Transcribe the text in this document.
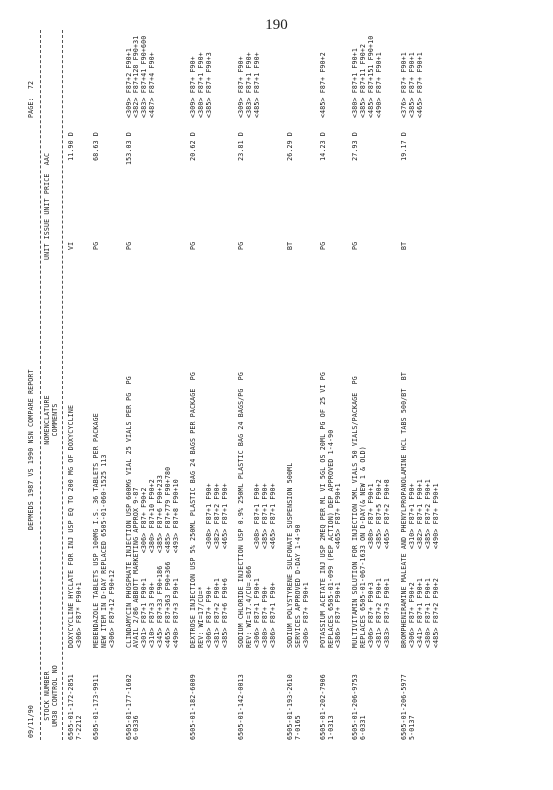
190
09/11/90
DEPMEDS 1987 VS 1990 NSN COMPARE REPORT
PAGE:  72
STOCK NUMBER
UM38 CONTROL NO
NOMENCLATURE
COMMENTS
UNIT ISSUE UNIT PRICE  AAC
6505-01-172-2851
7-2212
DOXYCYCLINE HYCLATE FOR INJ USP EQ TO 200 MG OF DOXYCYCLINE <306> F87* F90+1
VI
11.90 D
6505-01-173-9911
MEBENDAZOLE TABLETS USP 100MG I.S. 36 TABLETS PER PACKAGE
NEW ITEM IN D-DAY REPLACED 6505-01-060-1525 113
<306> F87+12 F90+12
PG
68.63 D
6505-01-177-1602
6-0336
CLINDAMYCIN PHOSPHATE INJECTION USP 600MG VIAL 25 VIALS PER PG  PG
AVAIL 2/86 ABBOTT MARKETING APPROX 9-87
<301> F87+1 F90+1      <306> F87+ F90+2
<310> F87+3 F90+       <380> F87+10 F90+2
<345> F87+33 F90+186   <385> F87+6 F90+233
<465> F87+363 F90+366  <485> F87+779 F90+780
<490> F87+3 F90+1      <493> F87+8 F90+10
PG
153.03 D
<309> F87+2 F90+1
<382> F87+128 F90+31
<383> F87+41 F90+600
<487> F87+4 F90+
6505-01-182-6009
DEXTROSE INJECTION USP 5% 250ML PLASTIC BAG 24 BAGS PER PACKAGE  PG
REV: WI=17/CU=*
<306> F87+ F90+         <308> F87+1 F90+
<381> F87+2 F90+1       <382> F87+2 F90+
<385> F87+6 F90+6       <465> F87+1 F90+
PG
20.62 D
<309> F87+ F90+
<380> F87+1 F90+
<385> F87+ F90+3
6505-01-142-0013
SODIUM CHLORIDE INJECTION USP 0.9% 250ML PLASTIC BAG 24 BAGS/PG  PG
REV: WI=17.4/CU=.866
<306> F87+1 F90+1       <308> F87+1 F90+
<380> F87+ F90+         <385> F87+1 F90+
<386> F87+1 F90+        <465> F87+1 F90+
PG
23.81 D
<309> F87+ F90+
<383> F87+1 F90+
<485> F87+1 F90+
6505-01-193-2610
7-0165
SODIUM POLYSTYRENE SULFONATE SUSPENSION 500ML
SERVICES APPROVED D-DAY 1-4-90
<306> F87+ F90+1
BT
26.29 D
6505-01-202-7906
1-0313
POTASSIUM ACETATE INJ USP 2MEQ PER ML VI 5GL OS 20ML PG OF 25 VI PG
REPLACES 6505-01-099 (PEP ACTION) DEP APPROVED 1-4-90
<386> F87+ F90+1        <465> F87+ F90+1
PG
14.23 D
<485> F87+ F90+2
6505-01-206-9753
6-0331
MULTIVITAMIN SOLUTION FOR INJECTION 5ML VIALS 50 VIALS/PACKAGE  PG
REPLACES 6505-01-067-1633 ON D-DAY(& NEW 1 & OLD)
<306> F87+ F90+3        <380> F87+ F90+1
<381> F87+2 F90+1       <385> F87+5 F90+2
<383> F87+3 F90+1       <465> F87+2 F90+8
PG
27.93 D
<380> F87+1 F90+1
<385> F87+11 F90+2
<485> F87+151 F90+10
<490> F87+ F90+1
6505-01-206-5977
5-0137
BROMPHENIRAMINE MALEATE AND PHENYLPROPANOLAMINE HCL TABS 500/BT  BT
<306> F87+ F90+2        <310> F87+1 F90+
<341> F87+1 F90+1       <382> F87+1 F90+1
<380> F87+1 F90+1       <385> F87+2 F90+1
<485> F87+2 F90+2       <490> F87+ F90+1
BT
19.17 D
<376> F87+ F90+1
<385> F87+ F90+1
<465> F87+ F90+1
